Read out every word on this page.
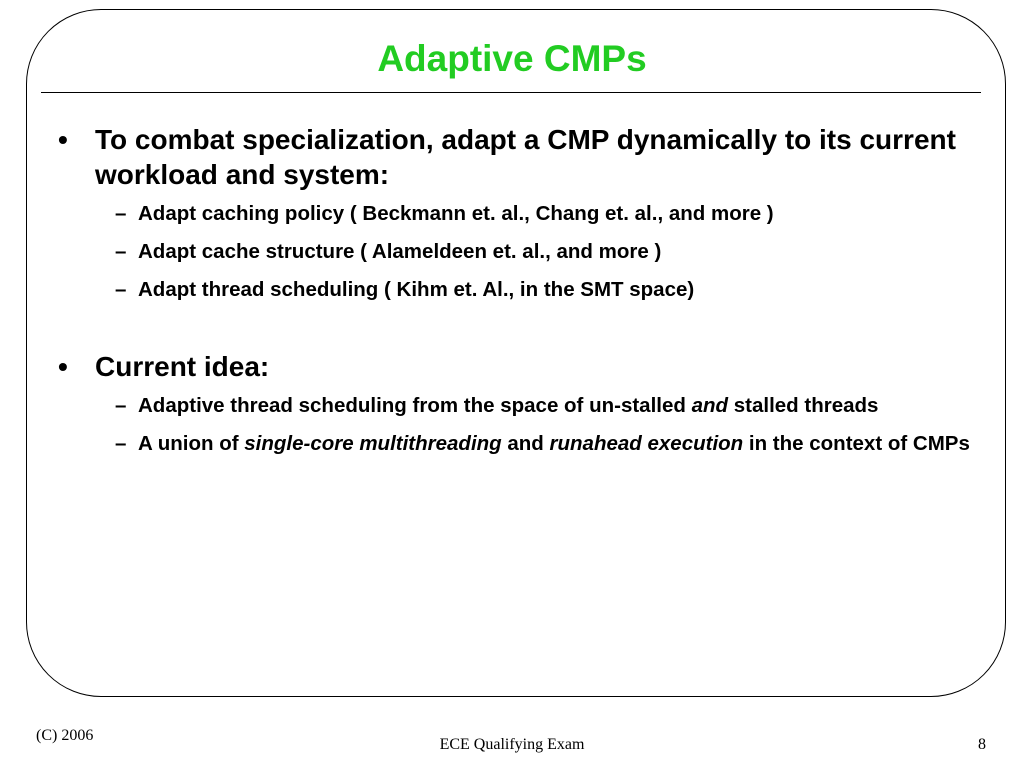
Adaptive CMPs
• To combat specialization, adapt a CMP dynamically to its current workload and system:
– Adapt caching policy ( Beckmann et. al., Chang et. al., and more )
– Adapt cache structure ( Alameldeen et. al., and more )
– Adapt thread scheduling ( Kihm et. Al., in the SMT space)
• Current idea:
– Adaptive thread scheduling from the space of un-stalled and stalled threads
– A union of single-core multithreading and runahead execution in the context of CMPs
(C) 2006
ECE Qualifying Exam	8
